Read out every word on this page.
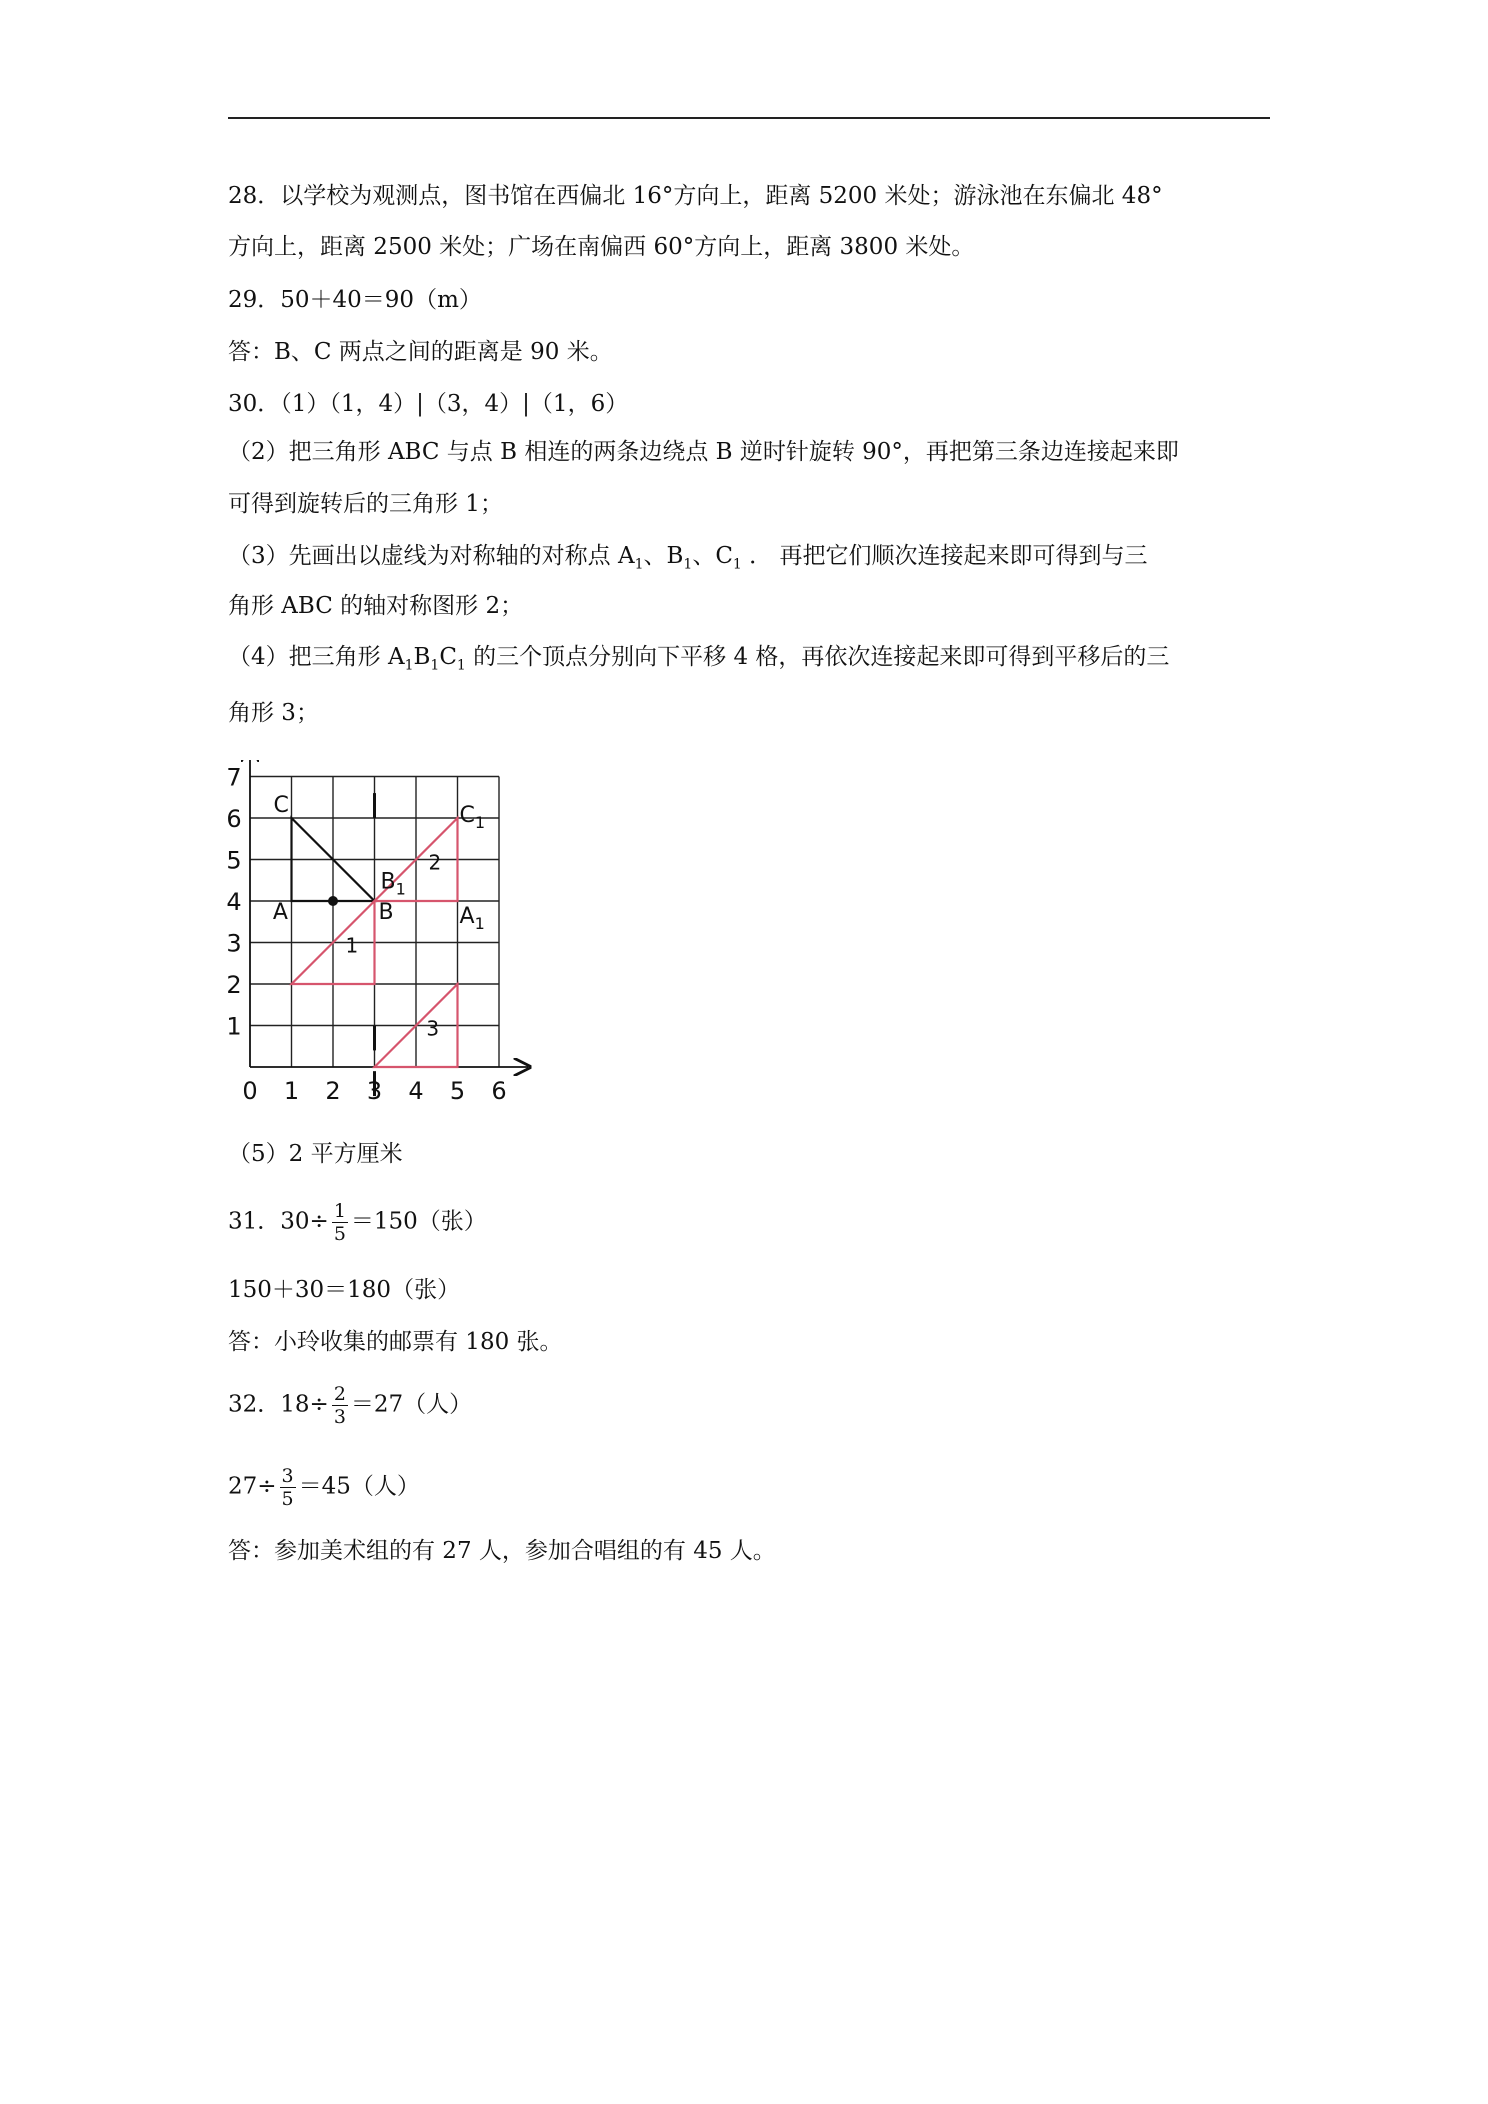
28．以学校为观测点，图书馆在西偏北 16°方向上，距离 5200 米处；游泳池在东偏北 48°
方向上，距离 2500 米处；广场在南偏西 60°方向上，距离 3800 米处。
29．50＋40＝90（m）
答：B、C 两点之间的距离是 90 米。
30．（1）（1，4）|（3，4）|（1，6）
（2）把三角形 ABC 与点 B 相连的两条边绕点 B 逆时针旋转 90°，再把第三条边连接起来即
可得到旋转后的三角形 1；
（3）先画出以虚线为对称轴的对称点 $A_1$、$B_1$、$C_1$ ． 再把它们顺次连接起来即可得到与三
角形 ABC 的轴对称图形 2；
（4）把三角形 $A_1B_1C_1$ 的三个顶点分别向下平移 4 格，再依次连接起来即可得到平移后的三
角形 3；
0 1 2 3 4 5 6
1
2
3
4
5
6
7
C
A	B
$B_1$
$C_1$
$A_1$
1
2
3
（5）2 平方厘米
31．$30\div \frac{1}{5} =150$（张）
150＋30＝180（张）
答：小玲收集的邮票有 180 张。
32．$18\div \frac{2}{3} =27$（人）
$27\div \frac{3}{5} =45$（人）
答：参加美术组的有 27 人，参加合唱组的有 45 人。
